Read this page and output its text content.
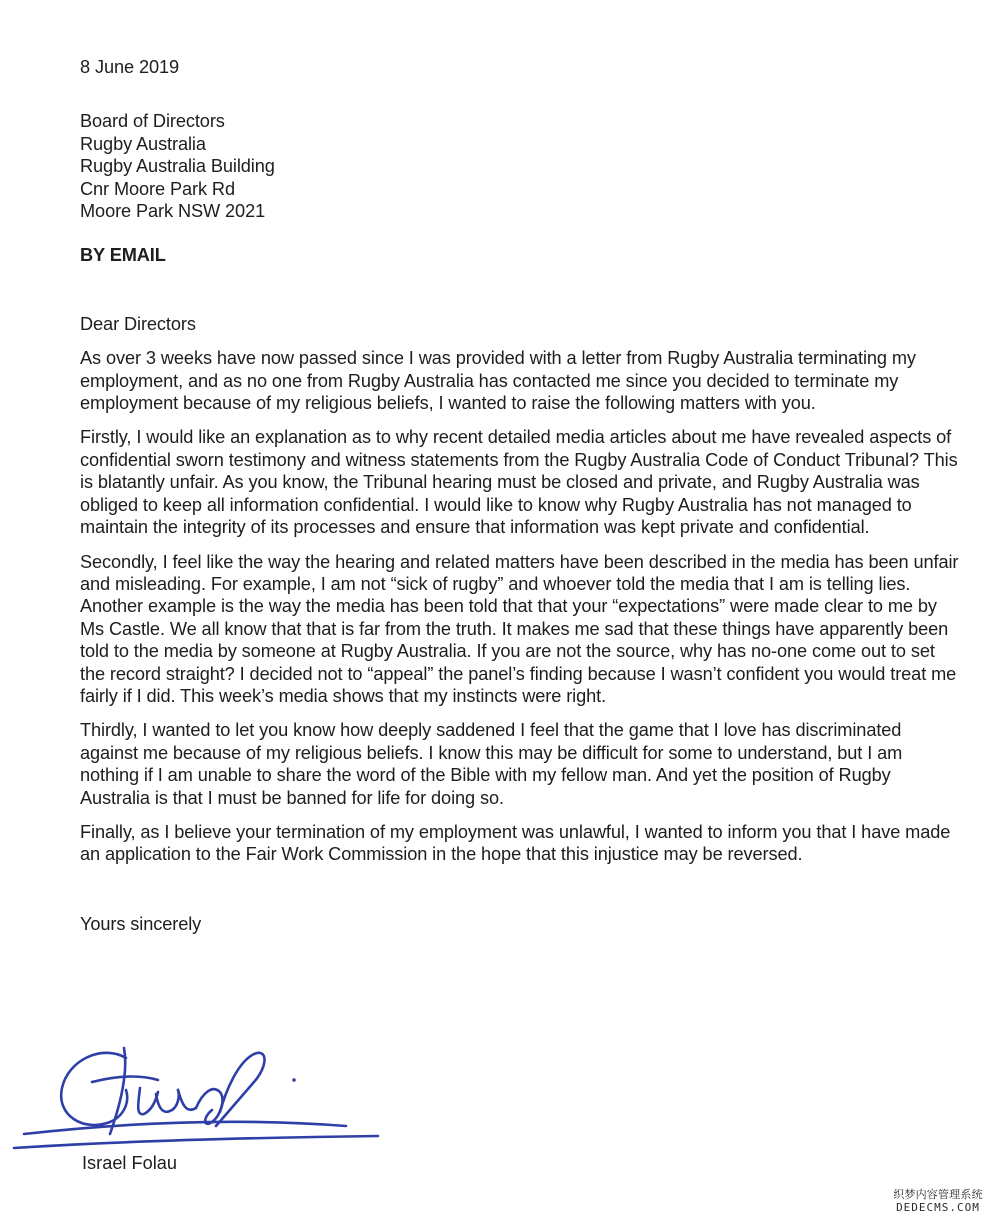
8 June 2019
Board of Directors
Rugby Australia
Rugby Australia Building
Cnr Moore Park Rd
Moore Park NSW 2021
BY EMAIL
Dear Directors

As over 3 weeks have now passed since I was provided with a letter from Rugby Australia terminating my employment, and as no one from Rugby Australia has contacted me since you decided to terminate my employment because of my religious beliefs, I wanted to raise the following matters with you.

Firstly, I would like an explanation as to why recent detailed media articles about me have revealed aspects of confidential sworn testimony and witness statements from the Rugby Australia Code of Conduct Tribunal? This is blatantly unfair. As you know, the Tribunal hearing must be closed and private, and Rugby Australia was obliged to keep all information confidential. I would like to know why Rugby Australia has not managed to maintain the integrity of its processes and ensure that information was kept private and confidential.

Secondly, I feel like the way the hearing and related matters have been described in the media has been unfair and misleading. For example, I am not “sick of rugby” and whoever told the media that I am is telling lies. Another example is the way the media has been told that that your “expectations” were made clear to me by Ms Castle. We all know that that is far from the truth. It makes me sad that these things have apparently been told to the media by someone at Rugby Australia. If you are not the source, why has no-one come out to set the record straight? I decided not to “appeal” the panel’s finding because I wasn’t confident you would treat me fairly if I did. This week’s media shows that my instincts were right.

Thirdly, I wanted to let you know how deeply saddened I feel that the game that I love has discriminated against me because of my religious beliefs. I know this may be difficult for some to understand, but I am nothing if I am unable to share the word of the Bible with my fellow man. And yet the position of Rugby Australia is that I must be banned for life for doing so.

Finally, as I believe your termination of my employment was unlawful, I wanted to inform you that I have made an application to the Fair Work Commission in the hope that this injustice may be reversed.

Yours sincerely
Israel Folau
织梦内容管理系统
DEDECMS.COM
